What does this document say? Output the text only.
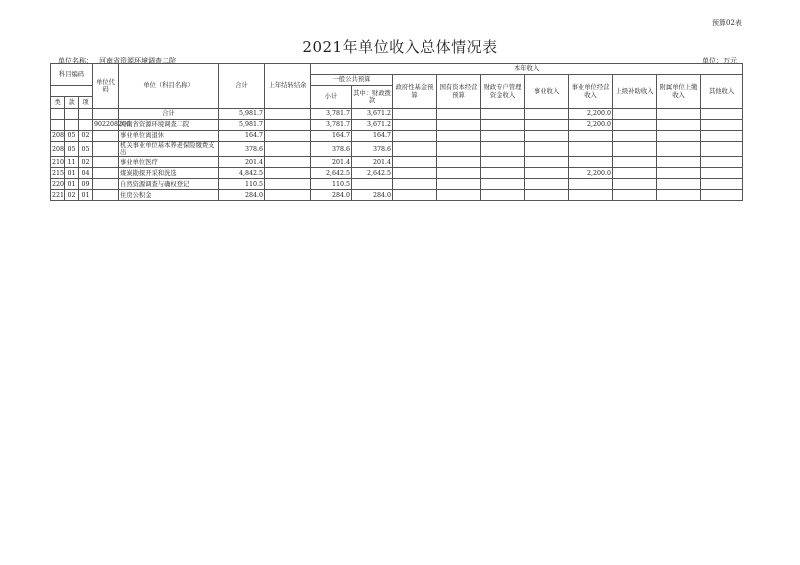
预算02表
2021年单位收入总体情况表
单位名称： 河南省资源环境调查二院	单位：万元
科目编码			单位代码	单位（科目名称）	合计	上年结转结余	本年收入									
							一般公共预算		政府性基金预算	国有资本经营预算	财政专户管理资金收入	事业收入	事业单位经营收入	上级补助收入	附属单位上缴收入	其他收入
							小计	其中：财政拨款								
类	款	项														
				合计	5,981.7		3,781.7	3,671.2					2,200.0			
			902208206	河南省资源环境调查二院	5,981.7		3,781.7	3,671.2					2,200.0			
208	05	02		事业单位离退休	164.7		164.7	164.7								
208	05	05		机关事业单位基本养老保险缴费支出	378.6		378.6	378.6								
210	11	02		事业单位医疗	201.4		201.4	201.4								
215	01	04		煤炭勘探开采和洗选	4,842.5		2,642.5	2,642.5					2,200.0			
220	01	09		自然资源调查与确权登记	110.5		110.5									
221	02	01		住房公积金	284.0		284.0	284.0								
